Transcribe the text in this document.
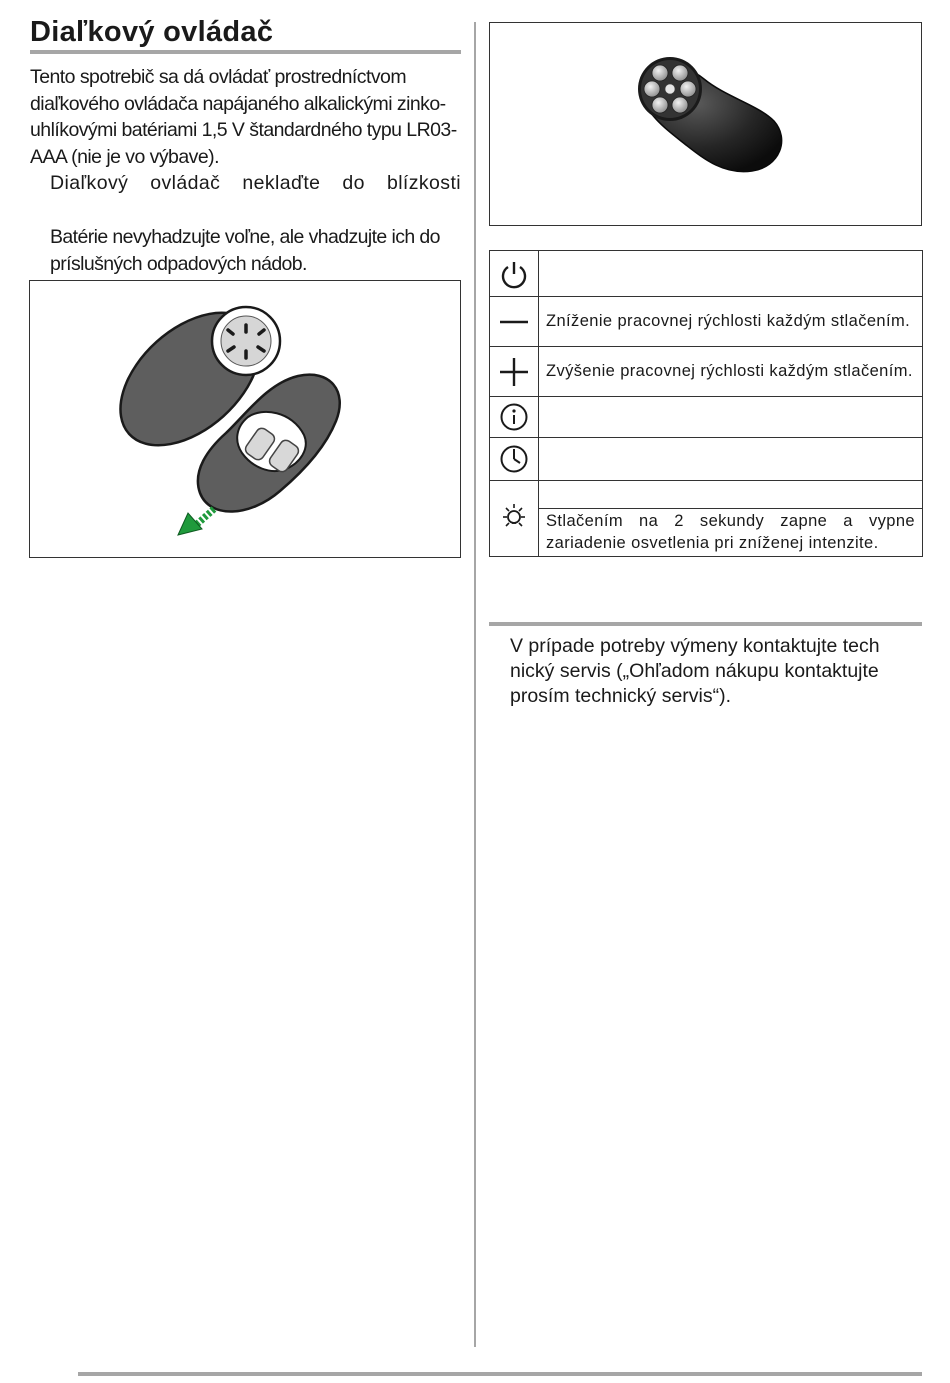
Diaľkový ovládač

Tento spotrebič sa dá ovládať prostredníctvom diaľkového ovládača napájaného alkalickými zinko-uhlíkovými batériami 1,5 V štandardného typu LR03-AAA (nie je vo výbave).

Diaľkový ovládač neklaďte do blízkosti

Batérie nevyhadzujte voľne, ale vhadzujte ich do príslušných odpadových nádob.

Zníženie pracovnej rýchlosti každým stlačením.

Zvýšenie pracovnej rýchlosti každým stlačením.

	Stlačením na 2 sekundy zapne a vypne zariadenie osvetlenia pri zníženej intenzite.

V prípade potreby výmeny kontaktujte tech nický servis („Ohľadom nákupu kontaktujte prosím technický servis“).
